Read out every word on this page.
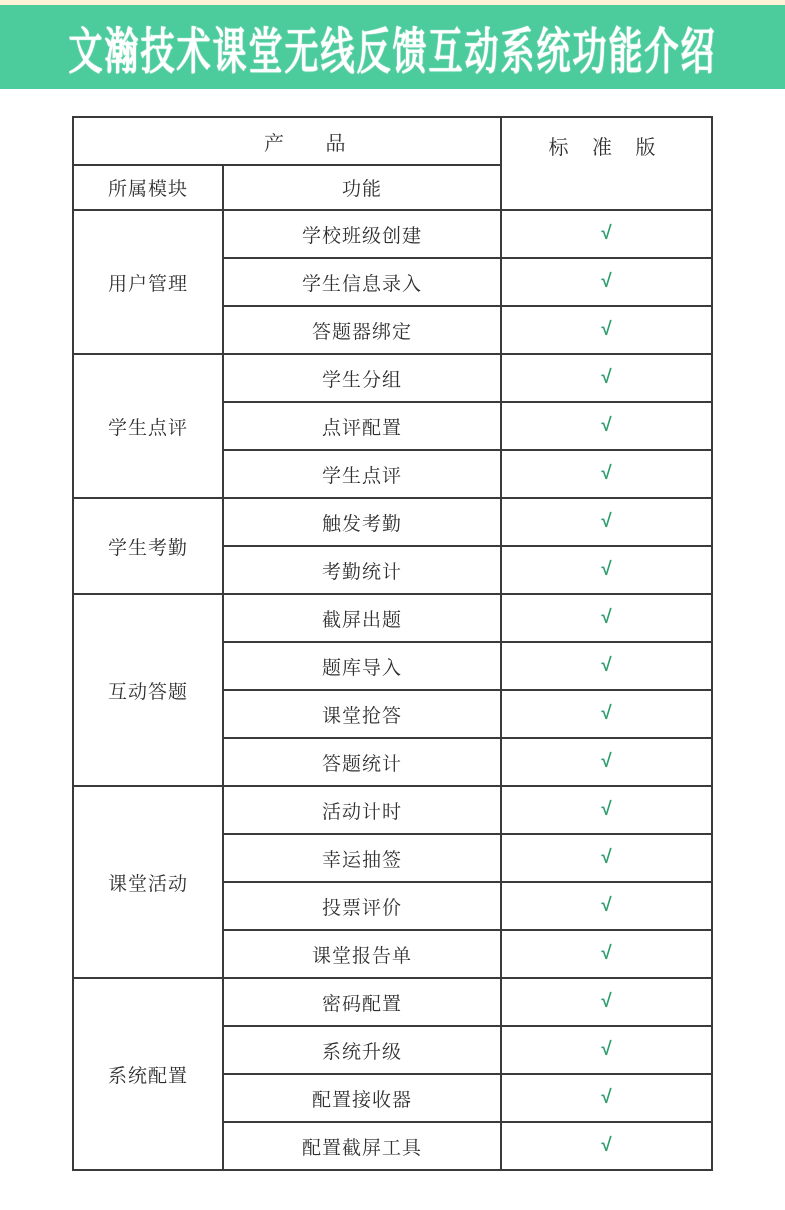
文瀚技术课堂无线反馈互动系统功能介绍
产 品		标 准 版
所属模块	功能	
用户管理	学校班级创建	√
	学生信息录入	√
	答题器绑定	√
学生点评	学生分组	√
	点评配置	√
	学生点评	√
学生考勤	触发考勤	√
	考勤统计	√
互动答题	截屏出题	√
	题库导入	√
	课堂抢答	√
	答题统计	√
课堂活动	活动计时	√
	幸运抽签	√
	投票评价	√
	课堂报告单	√
系统配置	密码配置	√
	系统升级	√
	配置接收器	√
	配置截屏工具	√
